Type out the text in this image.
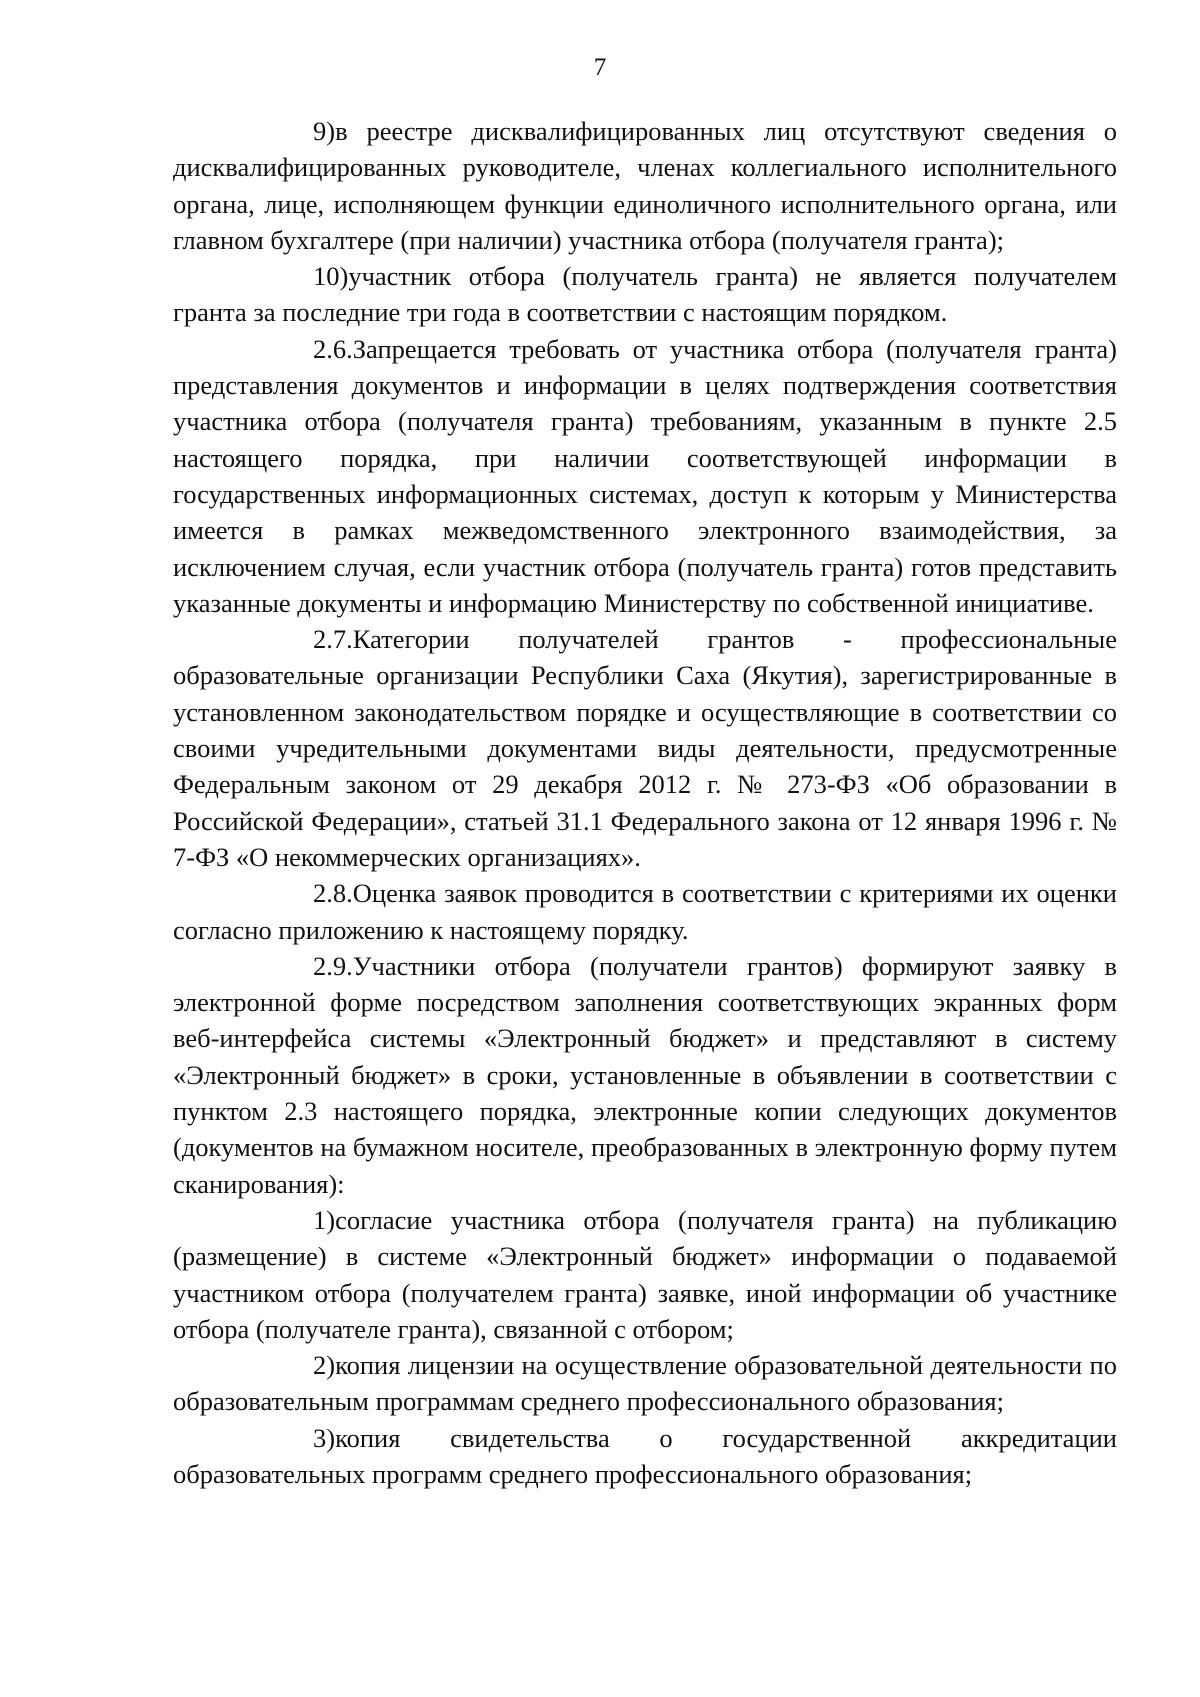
7

9)в реестре дисквалифицированных лиц отсутствуют сведения о дисквалифицированных руководителе, членах коллегиального исполнительного органа, лице, исполняющем функции единоличного исполнительного органа, или главном бухгалтере (при наличии) участника отбора (получателя гранта);

10)участник отбора (получатель гранта) не является получателем гранта за последние три года в соответствии с настоящим порядком.

2.6.Запрещается требовать от участника отбора (получателя гранта) представления документов и информации в целях подтверждения соответствия участника отбора (получателя гранта) требованиям, указанным в пункте 2.5 настоящего порядка, при наличии соответствующей информации в государственных информационных системах, доступ к которым у Министерства имеется в рамках межведомственного электронного взаимодействия, за исключением случая, если участник отбора (получатель гранта) готов представить указанные документы и информацию Министерству по собственной инициативе.

2.7.Категории получателей грантов - профессиональные образовательные организации Республики Саха (Якутия), зарегистрированные в установленном законодательством порядке и осуществляющие в соответствии со своими учредительными документами виды деятельности, предусмотренные Федеральным законом от 29 декабря 2012 г. № 273-ФЗ «Об образовании в Российской Федерации», статьей 31.1 Федерального закона от 12 января 1996 г. № 7-ФЗ «О некоммерческих организациях».

2.8.Оценка заявок проводится в соответствии с критериями их оценки согласно приложению к настоящему порядку.

2.9.Участники отбора (получатели грантов) формируют заявку в электронной форме посредством заполнения соответствующих экранных форм веб-интерфейса системы «Электронный бюджет» и представляют в систему «Электронный бюджет» в сроки, установленные в объявлении в соответствии с пунктом 2.3 настоящего порядка, электронные копии следующих документов (документов на бумажном носителе, преобразованных в электронную форму путем сканирования):

1)согласие участника отбора (получателя гранта) на публикацию (размещение) в системе «Электронный бюджет» информации о подаваемой участником отбора (получателем гранта) заявке, иной информации об участнике отбора (получателе гранта), связанной с отбором;

2)копия лицензии на осуществление образовательной деятельности по образовательным программам среднего профессионального образования;

3)копия свидетельства о государственной аккредитации образовательных программ среднего профессионального образования;
